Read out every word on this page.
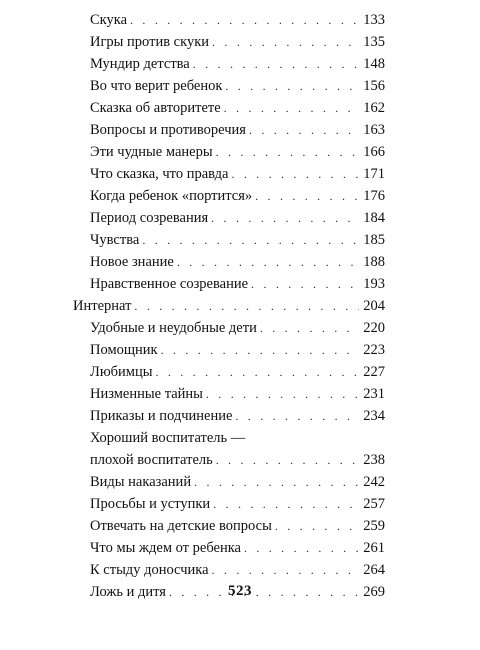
Скука . . .	133
Игры против скуки . . .	135
Мундир детства . . .	148
Во что верит ребенок . . .	156
Сказка об авторитете . . .	162
Вопросы и противоречия . . .	163
Эти чудные манеры . . .	166
Что сказка, что правда . . .	171
Когда ребенок «портится» . . .	176
Период созревания . . .	184
Чувства . . .	185
Новое знание . . .	188
Нравственное созревание . . .	193
Интернат . . .	204
Удобные и неудобные дети . . .	220
Помощник . . .	223
Любимцы . . .	227
Низменные тайны . . .	231
Приказы и подчинение . . .	234
Хороший воспитатель —
плохой воспитатель . . .	238
Виды наказаний . . .	242
Просьбы и уступки . . .	257
Отвечать на детские вопросы . . .	259
Что мы ждем от ребенка . . .	261
К стыду доносчика . . .	264
Ложь и дитя . . .	269
523
